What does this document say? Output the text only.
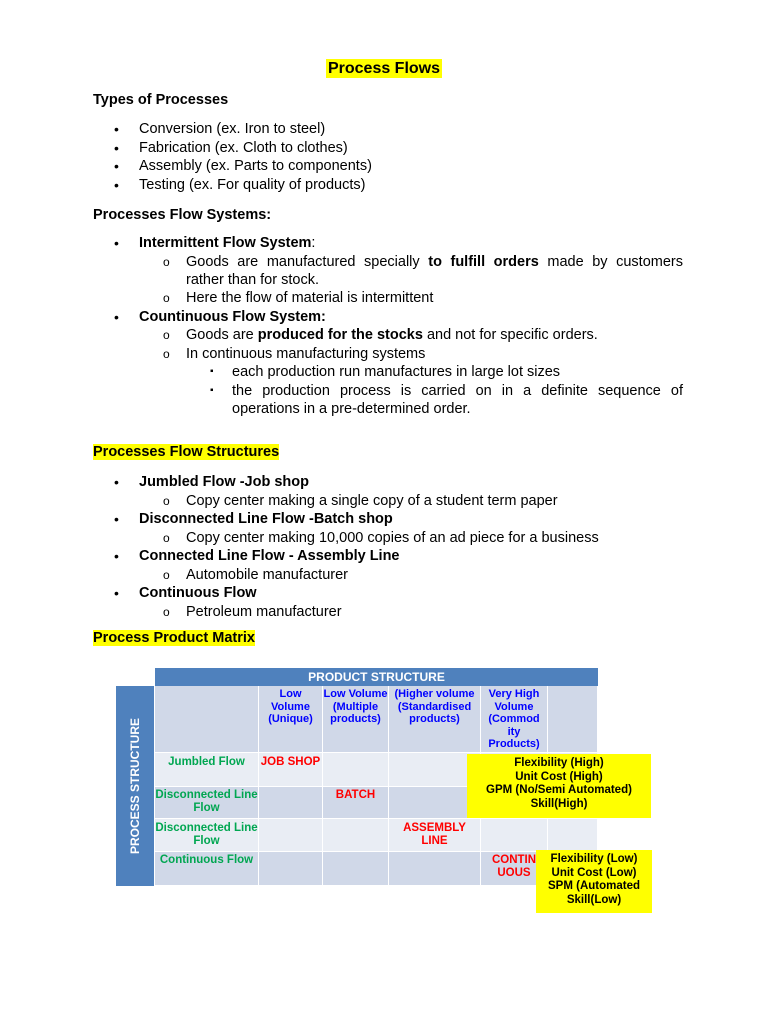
Process Flows
Types of Processes
• Conversion (ex. Iron to steel)
• Fabrication (ex. Cloth to clothes)
• Assembly (ex. Parts to components)
• Testing (ex. For quality of products)
Processes Flow Systems:
• Intermittent Flow System:
o Goods are manufactured specially to fulfill orders made by customers rather than for stock.
o Here the flow of material is intermittent
• Countinuous Flow System:
o Goods are produced for the stocks and not for specific orders.
o In continuous manufacturing systems
▪ each production run manufactures in large lot sizes
▪ the production process is carried on in a definite sequence of operations in a pre-determined order.
Processes Flow Structures
• Jumbled Flow -Job shop
o Copy center making a single copy of a student term paper
• Disconnected Line Flow -Batch shop
o Copy center making 10,000 copies of an ad piece for a business
• Connected Line Flow - Assembly Line
o Automobile manufacturer
• Continuous Flow
o Petroleum manufacturer
Process Product Matrix
PRODUCT STRUCTURE
PROCESS STRUCTURE
Low Volume (Unique)
Low Volume (Multiple products)
(Higher volume (Standardised products)
Very High Volume (Commod ity Products)
Jumbled Flow	JOB SHOP
Disconnected Line Flow
BATCH
Disconnected Line Flow
ASSEMBLY LINE
Continuous Flow	CONTIN UOUS
Flexibility (High)
Unit Cost (High)
GPM (No/Semi Automated)
Skill(High)
Flexibility (Low)
Unit Cost (Low)
SPM (Automated
Skill(Low)
